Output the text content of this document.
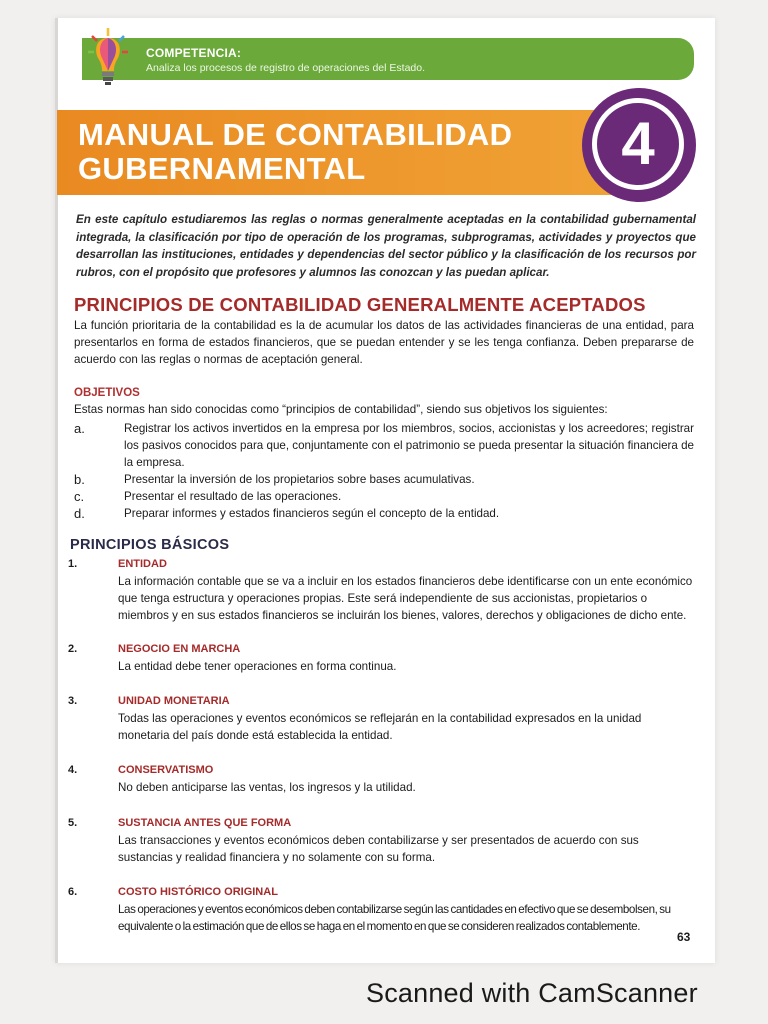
COMPETENCIA:
Analiza los procesos de registro de operaciones del Estado.
MANUAL DE CONTABILIDAD
GUBERNAMENTAL	4
En este capítulo estudiaremos las reglas o normas generalmente aceptadas en la contabilidad gubernamental integrada, la clasificación por tipo de operación de los programas, subprogramas, actividades y proyectos que desarrollan las instituciones, entidades y dependencias del sector público y la clasificación de los recursos por rubros, con el propósito que profesores y alumnos las conozcan y las puedan aplicar.
PRINCIPIOS DE CONTABILIDAD GENERALMENTE ACEPTADOS
La función prioritaria de la contabilidad es la de acumular los datos de las actividades financieras de una entidad, para presentarlos en forma de estados financieros, que se puedan entender y se les tenga confianza. Deben prepararse de acuerdo con las reglas o normas de aceptación general.
OBJETIVOS
Estas normas han sido conocidas como “principios de contabilidad”, siendo sus objetivos los siguientes:
a.	Registrar los activos invertidos en la empresa por los miembros, socios, accionistas y los acreedores; registrar los pasivos conocidos para que, conjuntamente con el patrimonio se pueda presentar la situación financiera de la empresa.
b.	Presentar la inversión de los propietarios sobre bases acumulativas.
c.	Presentar el resultado de las operaciones.
d.	Preparar informes y estados financieros según el concepto de la entidad.
PRINCIPIOS BÁSICOS
1.	ENTIDAD
La información contable que se va a incluir en los estados financieros debe identificarse con un ente económico que tenga estructura y operaciones propias. Este será independiente de sus accionistas, propietarios o miembros y en sus estados financieros se incluirán los bienes, valores, derechos y obligaciones de dicho ente.
2.	NEGOCIO EN MARCHA
La entidad debe tener operaciones en forma continua.
3.	UNIDAD MONETARIA
Todas las operaciones y eventos económicos se reflejarán en la contabilidad expresados en la unidad monetaria del país donde está establecida la entidad.
4.	CONSERVATISMO
No deben anticiparse las ventas, los ingresos y la utilidad.
5.	SUSTANCIA ANTES QUE FORMA
Las transacciones y eventos económicos deben contabilizarse y ser presentados de acuerdo con sus sustancias y realidad financiera y no solamente con su forma.
6.	COSTO HISTÓRICO ORIGINAL
Las operaciones y eventos económicos deben contabilizarse según las cantidades en efectivo que se desembolsen, su equivalente o la estimación que de ellos se haga en el momento en que se consideren realizados contablemente.
63
Scanned with CamScanner
